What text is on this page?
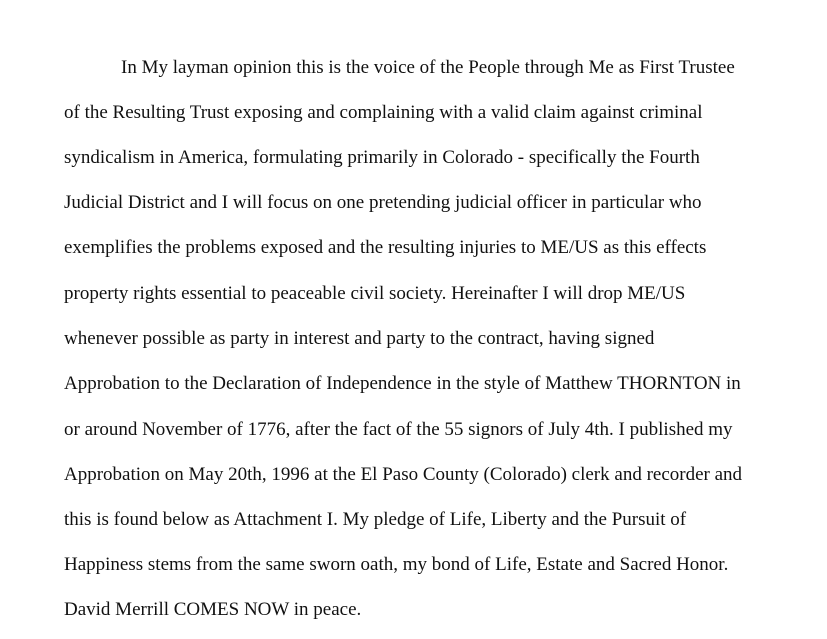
In My layman opinion this is the voice of the People through Me as First Trustee
of the Resulting Trust exposing and complaining with a valid claim against criminal
syndicalism in America, formulating primarily in Colorado - specifically the Fourth
Judicial District and I will focus on one pretending judicial officer in particular who
exemplifies the problems exposed and the resulting injuries to ME/US as this effects
property rights essential to peaceable civil society. Hereinafter I will drop ME/US
whenever possible as party in interest and party to the contract, having signed
Approbation to the Declaration of Independence in the style of Matthew THORNTON in
or around November of 1776, after the fact of the 55 signors of July 4th. I published my
Approbation on May 20th, 1996 at the El Paso County (Colorado) clerk and recorder and
this is found below as Attachment I. My pledge of Life, Liberty and the Pursuit of
Happiness stems from the same sworn oath, my bond of Life, Estate and Sacred Honor.
David Merrill COMES NOW in peace.
